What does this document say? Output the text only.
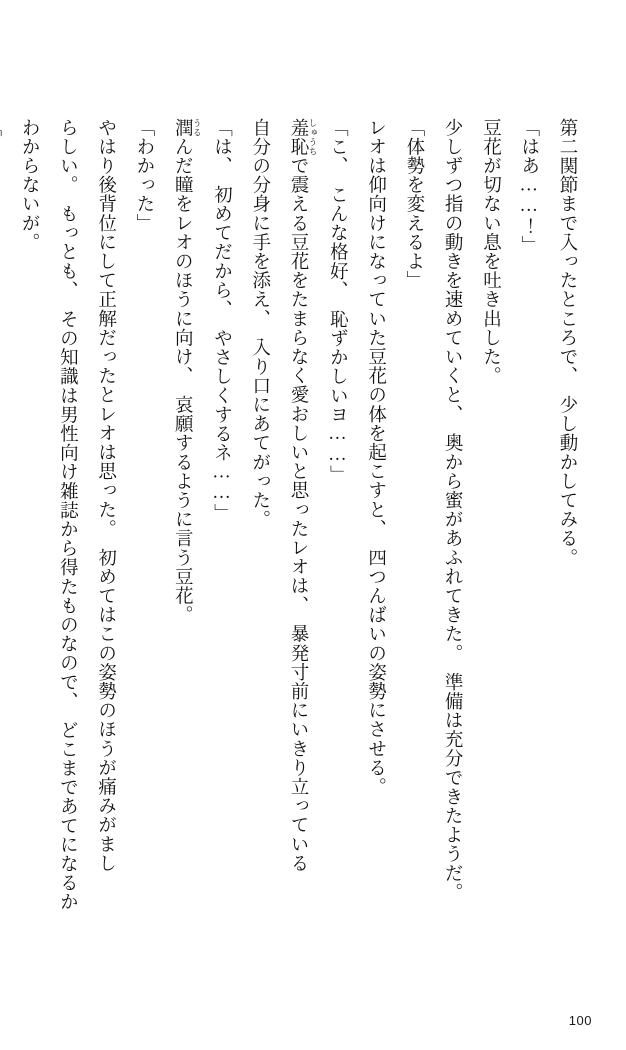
第二関節まで入ったところで、　少し動かしてみる。

「はあ……！」

豆花が切ない息を吐き出した。

少しずつ指の動きを速めていくと、　奥から蜜があふれてきた。　準備は充分できたようだ。

「体勢を変えるよ」

レオは仰向けになっていた豆花の体を起こすと、　四つんばいの姿勢にさせる。

「こ、　こんな格好、　恥ずかしいヨ……」

羞恥 しゅうちで震える豆花をたまらなく愛おしいと思ったレオは、　暴発寸前にいきり立っている

自分の分身に手を添え、　入り口にあてがった。

「は、　初めてだから、　やさしくするネ……」

潤 うるんだ瞳をレオのほうに向け、　哀願するように言う豆花。

「わかった」

やはり後背位にして正解だったとレオは思った。　初めてはこの姿勢のほうが痛みがまし

らしい。　もっとも、　その知識は男性向け雑誌から得たものなので、　どこまであてになるか

わからないが。

100
